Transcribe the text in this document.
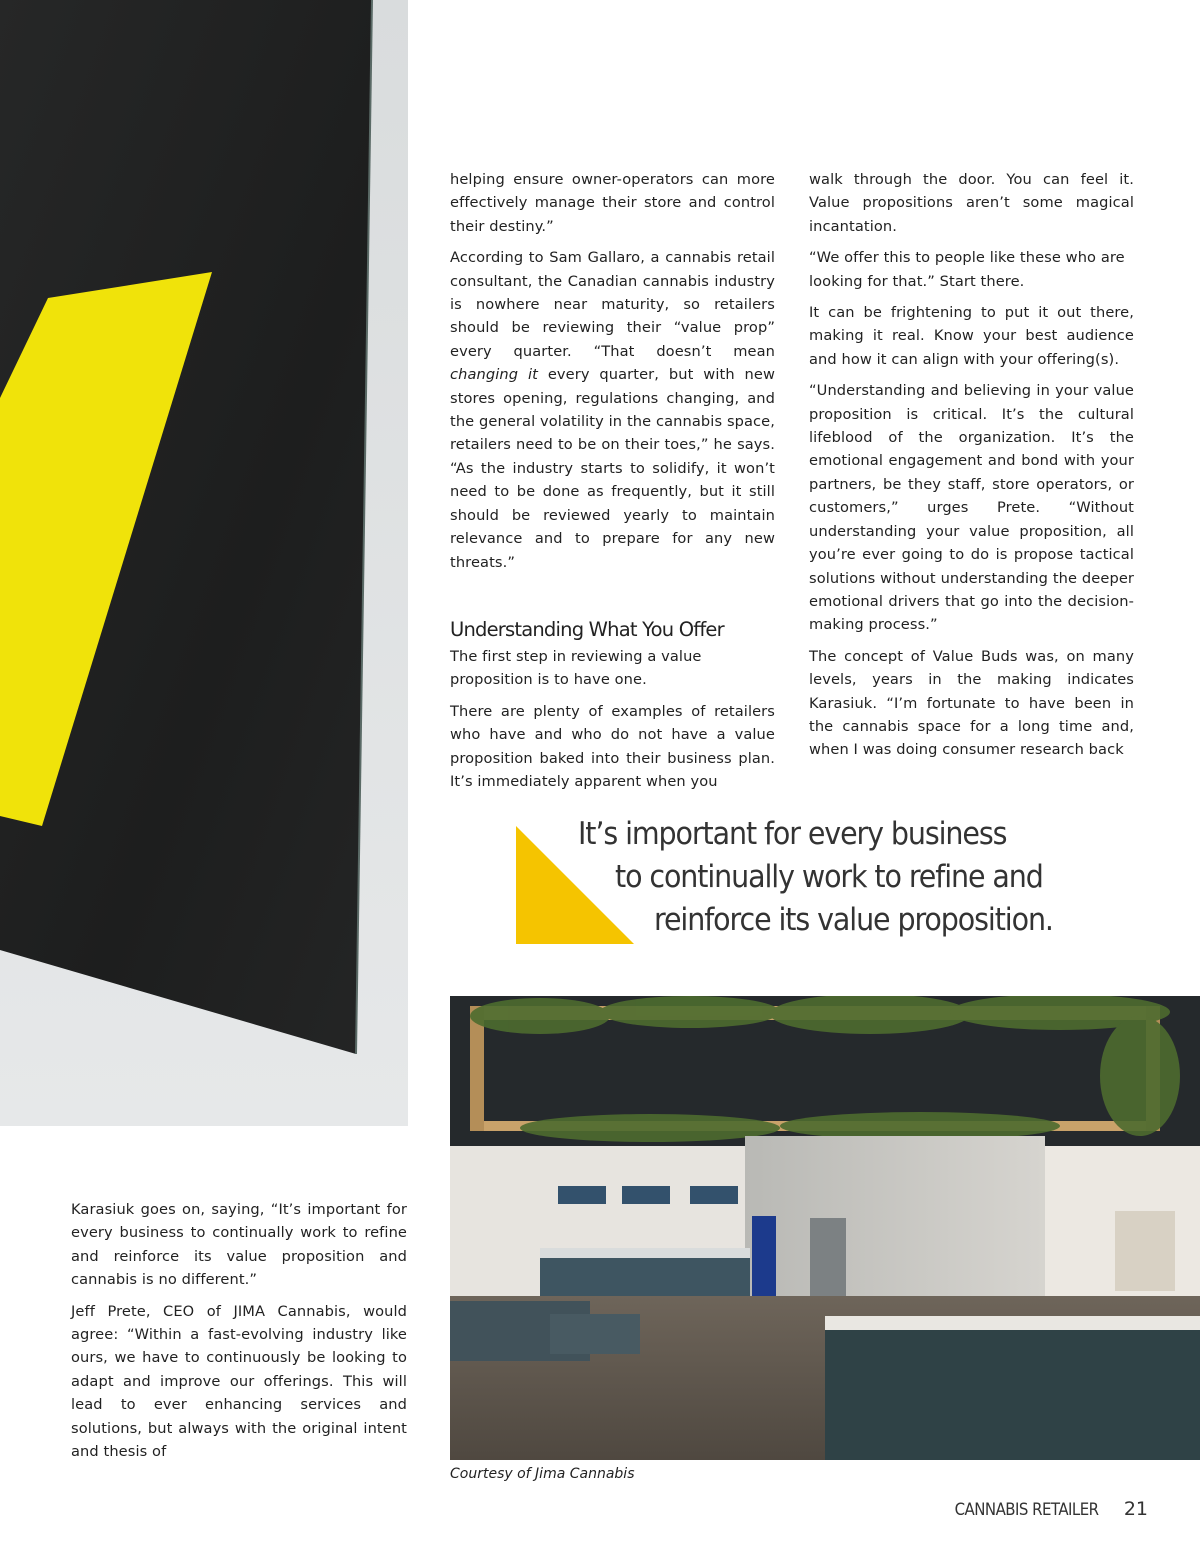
helping ensure owner-operators can more effectively manage their store and control their destiny.”

According to Sam Gallaro, a cannabis retail consultant, the Canadian cannabis industry is nowhere near maturity, so retailers should be reviewing their “value prop” every quarter. “That doesn’t mean changing it every quarter, but with new stores opening, regulations changing, and the general volatility in the cannabis space, retailers need to be on their toes,” he says. “As the industry starts to solidify, it won’t need to be done as frequently, but it still should be reviewed yearly to maintain relevance and to prepare for any new threats.”

Understanding What You Offer

The first step in reviewing a value proposition is to have one.

There are plenty of examples of retailers who have and who do not have a value proposition baked into their business plan. It’s immediately apparent when you

walk through the door. You can feel it. Value propositions aren’t some magical incantation.

“We offer this to people like these who are looking for that.” Start there.

It can be frightening to put it out there, making it real. Know your best audience and how it can align with your offering(s).

“Understanding and believing in your value proposition is critical. It’s the cultural lifeblood of the organization. It’s the emotional engagement and bond with your partners, be they staff, store operators, or customers,” urges Prete. “Without understanding your value proposition, all you’re ever going to do is propose tactical solutions without understanding the deeper emotional drivers that go into the decision-making process.”

The concept of Value Buds was, on many levels, years in the making indicates Karasiuk. “I’m fortunate to have been in the cannabis space for a long time and, when I was doing consumer research back

It’s important for every business
to continually work to refine and
reinforce its value proposition.
Courtesy of Jima Cannabis

Karasiuk goes on, saying, “It’s important for every business to continually work to refine and reinforce its value proposition and cannabis is no different.”

Jeff Prete, CEO of JIMA Cannabis, would agree: “Within a fast-evolving industry like ours, we have to continuously be looking to adapt and improve our offerings. This will lead to ever enhancing services and solutions, but always with the original intent and thesis of

CANNABIS RETAILER 21
